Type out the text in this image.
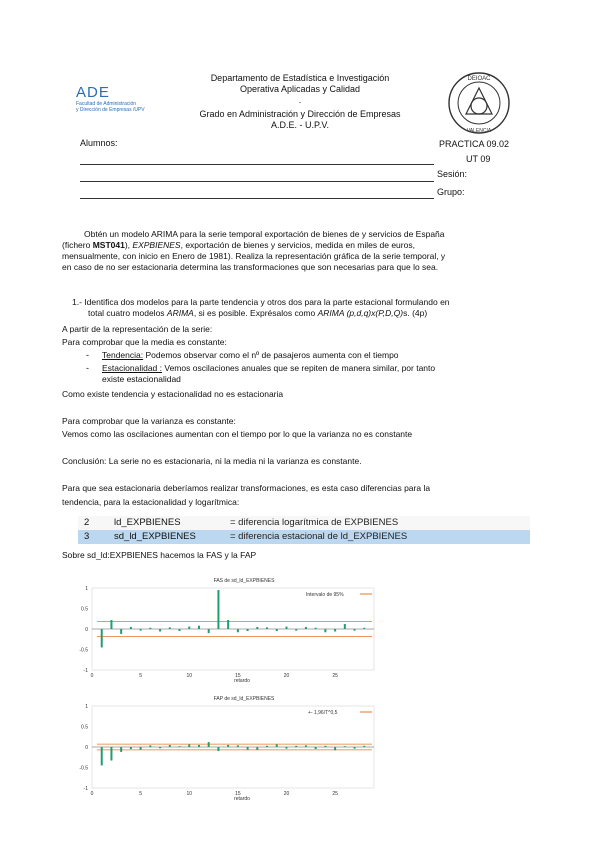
ADE
Facultad de Administración
y Dirección de Empresas /UPV
Departamento de Estadística e Investigación
Operativa Aplicadas y Calidad
.
Grado en Administración y Dirección de Empresas
A.D.E. - U.P.V.
DEIOAC
VALENCIA
PRACTICA 09.02
UT 09
Alumnos:
Sesión:
Grupo:
Obtén un modelo ARIMA para la serie temporal exportación de bienes de y servicios de España
(fichero MST041), EXPBIENES, exportación de bienes y servicios, medida en miles de euros,
mensualmente, con inicio en Enero de 1981). Realiza la representación gráfica de la serie temporal, y
en caso de no ser estacionaria determina las transformaciones que son necesarias para que lo sea.
1.- Identifica dos modelos para la parte tendencia y otros dos para la parte estacional formulando en
total cuatro modelos ARIMA, si es posible. Exprésalos como ARIMA (p,d,q)x(P,D,Q)s. (4p)
A partir de la representación de la serie:
Para comprobar que la media es constante:
- Tendencia: Podemos observar como el nº de pasajeros aumenta con el tiempo
- Estacionalidad : Vemos oscilaciones anuales que se repiten de manera similar, por tanto
existe estacionalidad
Como existe tendencia y estacionalidad no es estacionaria
Para comprobar que la varianza es constante:
Vemos como las oscilaciones aumentan con el tiempo por lo que la varianza no es constante
Conclusión: La serie no es estacionaria, ni la media ni la varianza es constante.
Para que sea estacionaria deberíamos realizar transformaciones, es esta caso diferencias para la
tendencia, para la estacionalidad y logarítmica:
2	ld_EXPBIENES	= diferencia logarítmica de EXPBIENES
3	sd_ld_EXPBIENES	= diferencia estacional de ld_EXPBIENES
Sobre sd_ld:EXPBIENES hacemos la FAS y la FAP
FAS de sd_ld_EXPBIENES
Intervalo de 95%
retardo
1
0.5
0
-0.5
-1
0	5	10	15	20	25
FAP de sd_ld_EXPBIENES
+- 1,96/T^0,5
retardo
1
0.5
0
-0.5
-1
0	5	10	15	20	25
